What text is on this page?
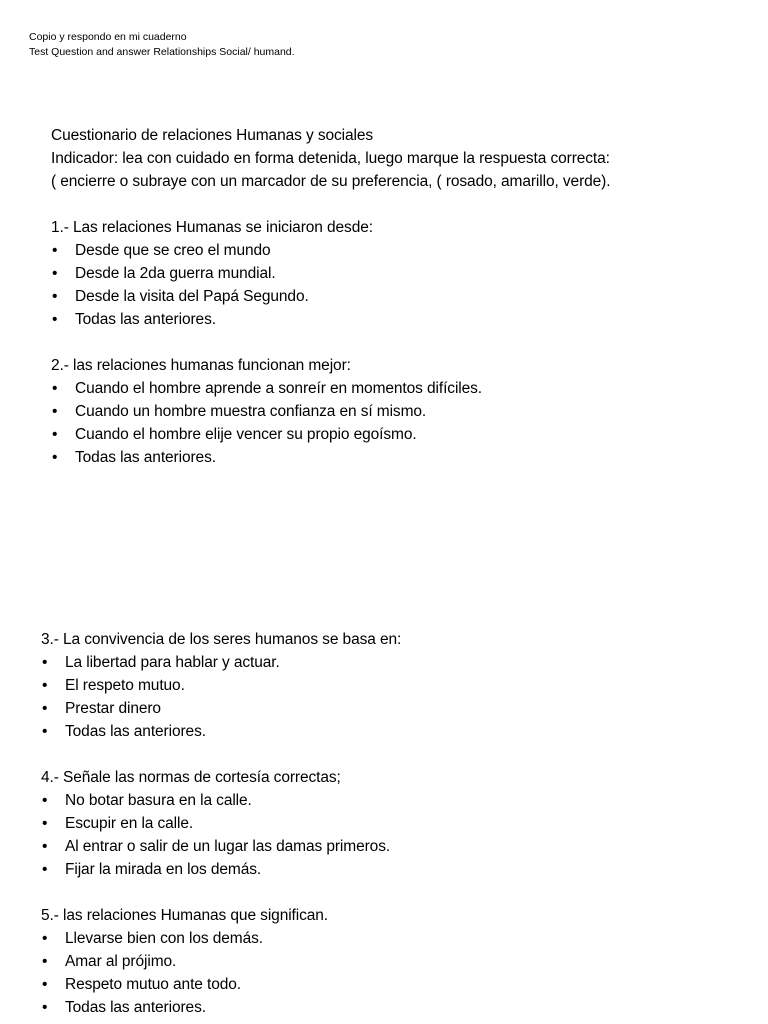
Copio y respondo en mi cuaderno
Test Question and answer Relationships Social/ humand.
Cuestionario de relaciones Humanas y sociales
Indicador: lea con cuidado en forma detenida, luego marque la respuesta correcta:
( encierre o subraye con un marcador de su preferencia, ( rosado, amarillo, verde).
1.- Las relaciones Humanas se iniciaron desde:
• Desde que se creo el mundo
• Desde la 2da guerra mundial.
• Desde la visita del Papá Segundo.
• Todas las anteriores.
2.- las relaciones humanas funcionan mejor:
• Cuando el hombre aprende a sonreír en momentos difíciles.
• Cuando un hombre muestra confianza en sí mismo.
• Cuando el hombre elije vencer su propio egoísmo.
• Todas las anteriores.
3.- La convivencia de los seres humanos se basa en:
• La libertad para hablar y actuar.
• El respeto mutuo.
• Prestar dinero
• Todas las anteriores.
4.- Señale las normas de cortesía correctas;
• No botar basura en la calle.
• Escupir en la calle.
• Al entrar o salir de un lugar las damas primeros.
• Fijar la mirada en los demás.
5.- las relaciones Humanas que significan.
• Llevarse bien con los demás.
• Amar al prójimo.
• Respeto mutuo ante todo.
• Todas las anteriores.
